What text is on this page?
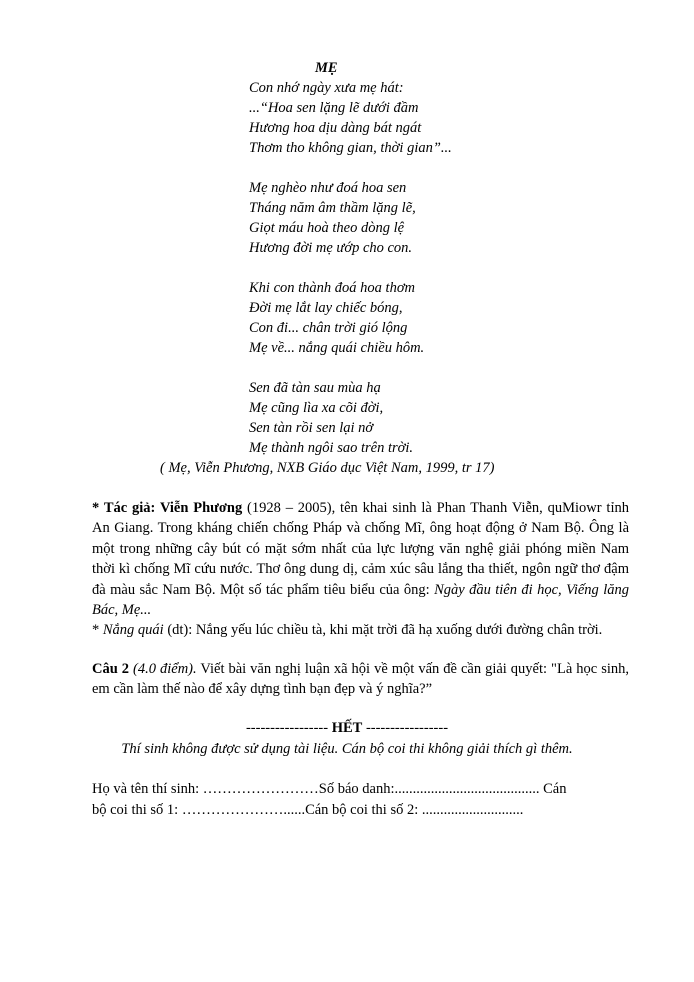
MẸ
Con nhớ ngày xưa mẹ hát:
...“Hoa sen lặng lẽ dưới đầm
Hương hoa dịu dàng bát ngát
Thơm tho không gian, thời gian”...
Mẹ nghèo như đoá hoa sen
Tháng năm âm thầm lặng lẽ,
Giọt máu hoà theo dòng lệ
Hương đời mẹ ướp cho con.
Khi con thành đoá hoa thơm
Đời mẹ lắt lay chiếc bóng,
Con đi... chân trời gió lộng
Mẹ về... nắng quái chiều hôm.
Sen đã tàn sau mùa hạ
Mẹ cũng lìa xa cõi đời,
Sen tàn rồi sen lại nở
Mẹ thành ngôi sao trên trời.
( Mẹ, Viễn Phương, NXB Giáo dục Việt Nam, 1999, tr 17)

* Tác giả: Viễn Phương (1928 – 2005), tên khai sinh là Phan Thanh Viễn, quMiowr tỉnh An Giang. Trong kháng chiến chống Pháp và chống Mĩ, ông hoạt động ở Nam Bộ. Ông là một trong những cây bút có mặt sớm nhất của lực lượng văn nghệ giải phóng miền Nam thời kì chống Mĩ cứu nước. Thơ ông dung dị, cảm xúc sâu lắng tha thiết, ngôn ngữ thơ đậm đà màu sắc Nam Bộ. Một số tác phẩm tiêu biểu của ông: Ngày đầu tiên đi học, Viếng lăng Bác, Mẹ...

* Nắng quái (dt): Nắng yếu lúc chiều tà, khi mặt trời đã hạ xuống dưới đường chân trời.

Câu 2 (4.0 điểm). Viết bài văn nghị luận xã hội về một vấn đề cần giải quyết: "Là học sinh, em cần làm thế nào để xây dựng tình bạn đẹp và ý nghĩa?”
----------------- HẾT -----------------
Thí sinh không được sử dụng tài liệu. Cán bộ coi thi không giải thích gì thêm.
Họ và tên thí sinh: ……………………Số báo danh:........................................ Cán
bộ coi thi số 1: …………………......Cán bộ coi thi số 2: ............................
